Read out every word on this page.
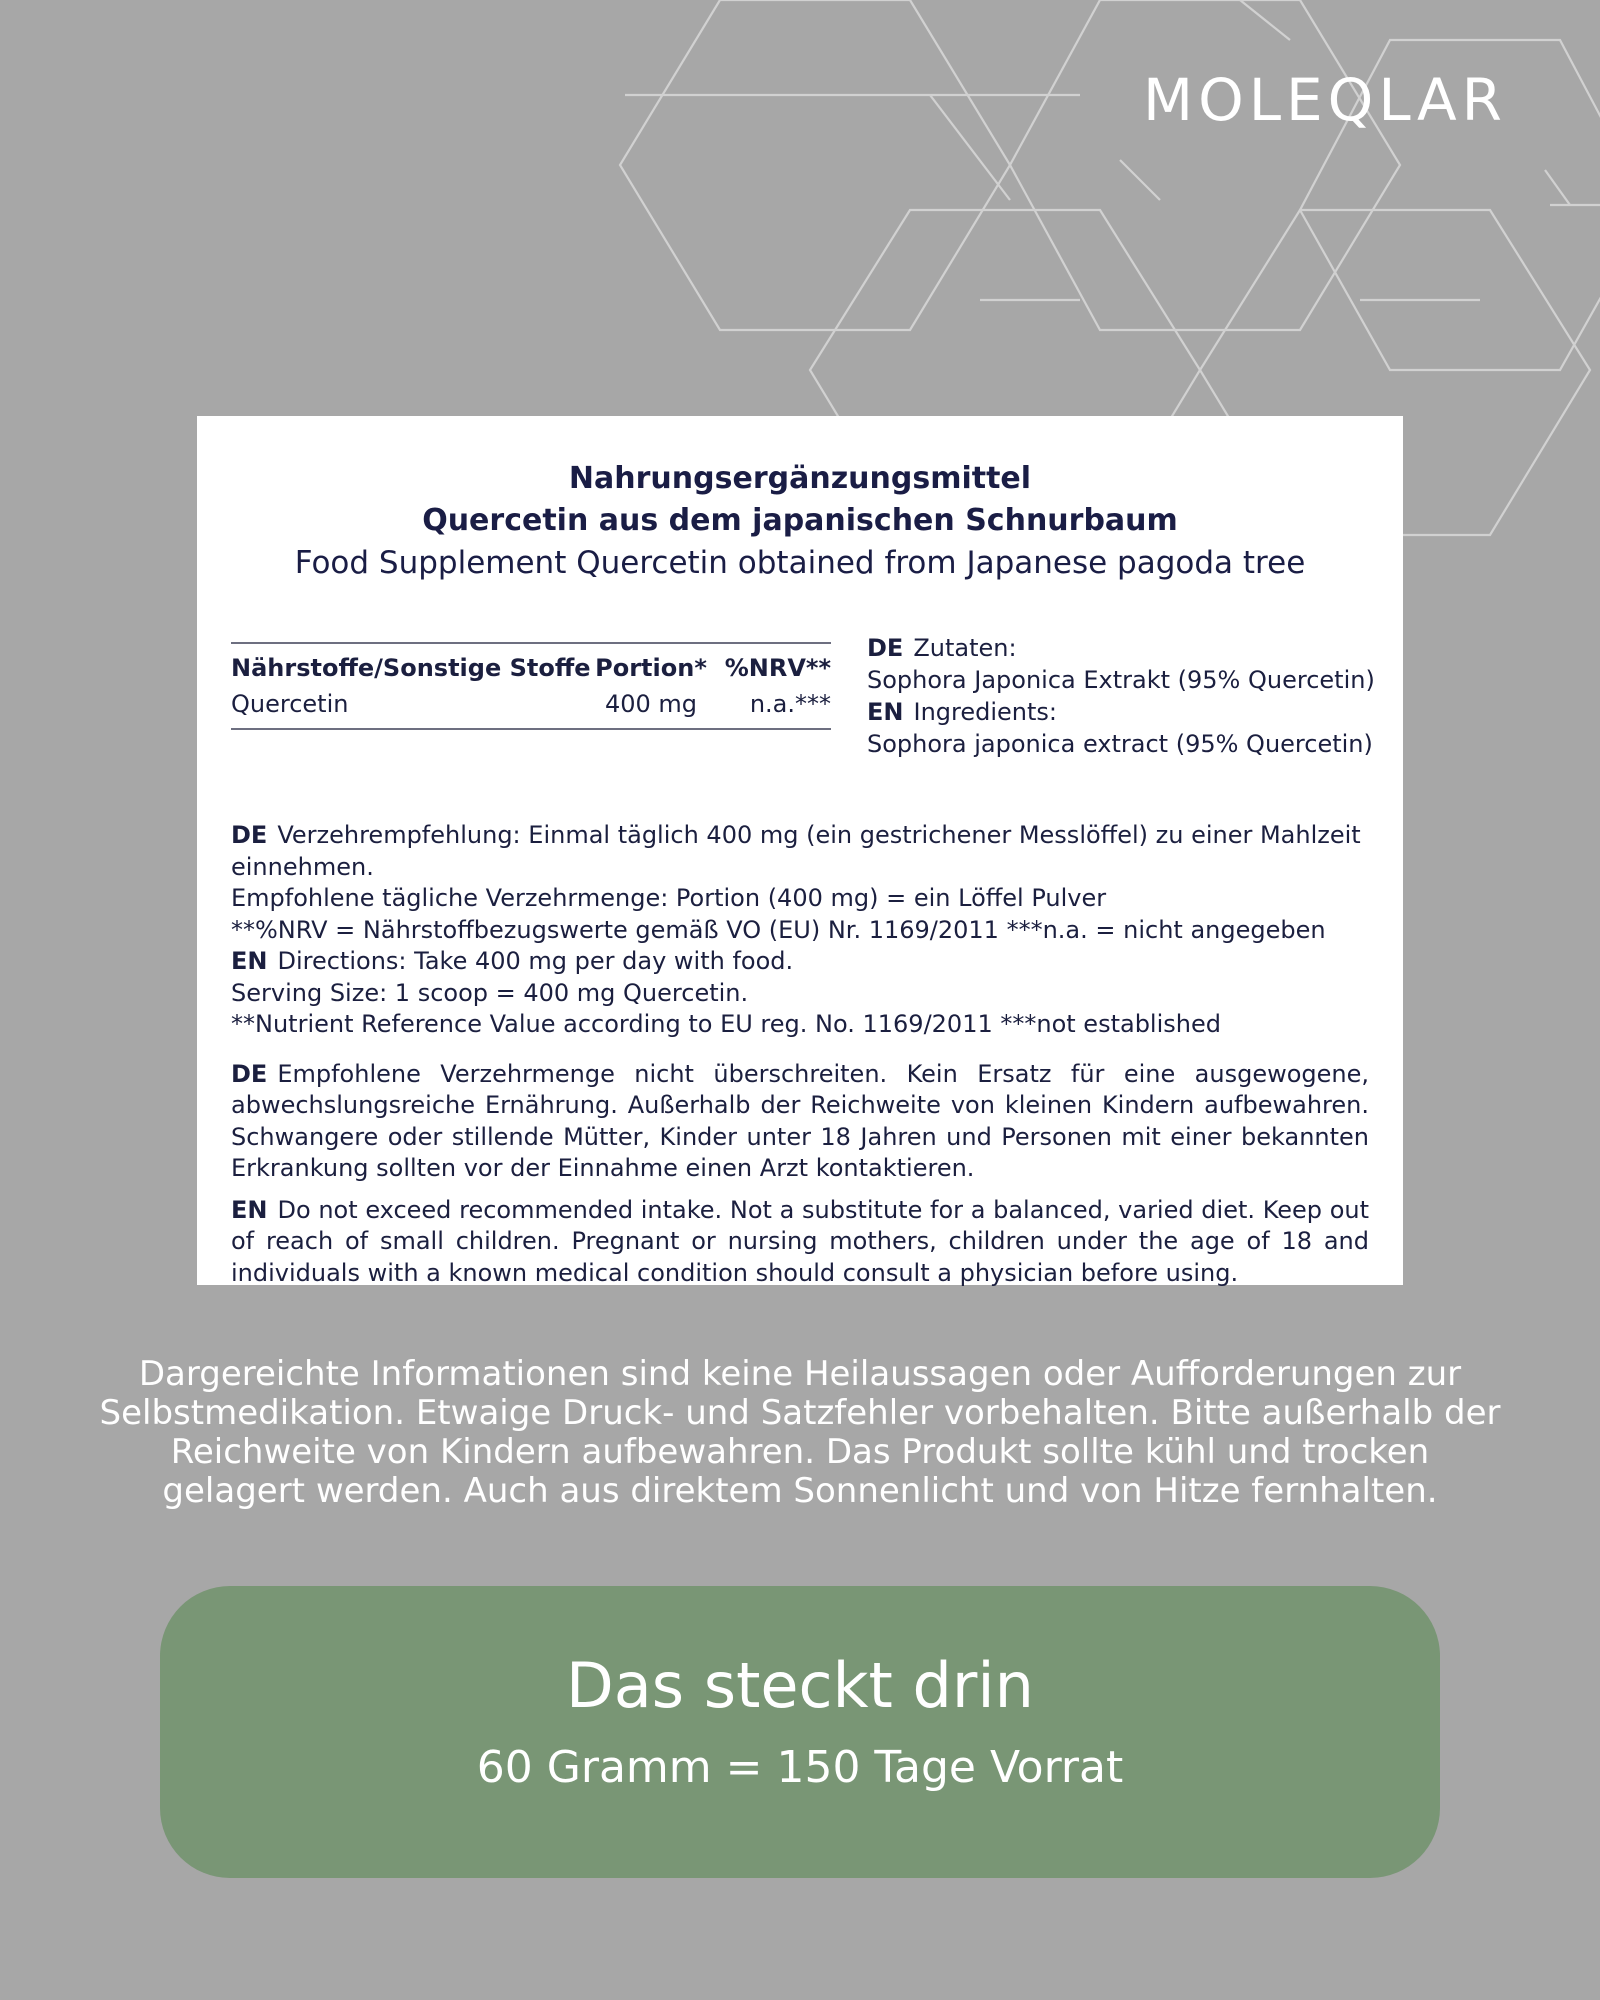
MOLEQLAR
Nahrungsergänzungsmittel
Quercetin aus dem japanischen Schnurbaum
Food Supplement Quercetin obtained from Japanese pagoda tree
Nährstoffe/Sonstige Stoffe Portion* %NRV**
Quercetin	400 mg	n.a.***
DE Zutaten:
Sophora Japonica Extrakt (95% Quercetin)
EN Ingredients:
Sophora japonica extract (95% Quercetin)
DE Verzehrempfehlung: Einmal täglich 400 mg (ein gestrichener Messlöffel) zu einer Mahlzeit einnehmen.
Empfohlene tägliche Verzehrmenge: Portion (400 mg) = ein Löffel Pulver
**%NRV = Nährstoffbezugswerte gemäß VO (EU) Nr. 1169/2011 ***n.a. = nicht angegeben
EN Directions: Take 400 mg per day with food.
Serving Size: 1 scoop = 400 mg Quercetin.
**Nutrient Reference Value according to EU reg. No. 1169/2011 ***not established
DE Empfohlene Verzehrmenge nicht überschreiten. Kein Ersatz für eine ausgewogene, abwechslungsreiche Ernährung. Außerhalb der Reichweite von kleinen Kindern aufbewahren. Schwangere oder stillende Mütter, Kinder unter 18 Jahren und Personen mit einer bekannten Erkrankung sollten vor der Einnahme einen Arzt kontaktieren.
EN Do not exceed recommended intake. Not a substitute for a balanced, varied diet. Keep out of reach of small children. Pregnant or nursing mothers, children under the age of 18 and individuals with a known medical condition should consult a physician before using.
Dargereichte Informationen sind keine Heilaussagen oder Aufforderungen zur Selbstmedikation. Etwaige Druck- und Satzfehler vorbehalten. Bitte außerhalb der Reichweite von Kindern aufbewahren. Das Produkt sollte kühl und trocken gelagert werden. Auch aus direktem Sonnenlicht und von Hitze fernhalten.
Das steckt drin
60 Gramm = 150 Tage Vorrat
